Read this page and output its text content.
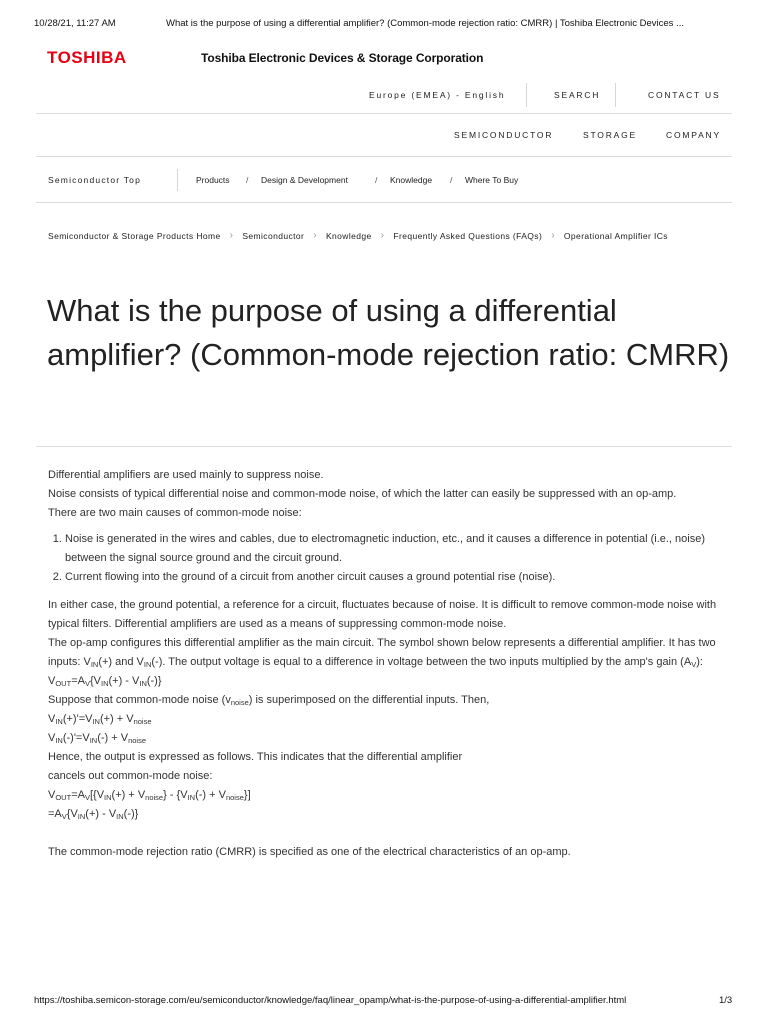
10/28/21, 11:27 AM	What is the purpose of using a differential amplifier? (Common-mode rejection ratio: CMRR) | Toshiba Electronic Devices ...
TOSHIBA	Toshiba Electronic Devices & Storage Corporation
Europe (EMEA) - English	SEARCH	CONTACT US
SEMICONDUCTOR	STORAGE	COMPANY
Semiconductor Top	Products / Design & Development	/ Knowledge / Where To Buy
Semiconductor & Storage Products Home › Semiconductor › Knowledge › Frequently Asked Questions (FAQs) › Operational Amplifier ICs
What is the purpose of using a differential amplifier? (Common-mode rejection ratio: CMRR)

Differential amplifiers are used mainly to suppress noise.

Noise consists of typical differential noise and common-mode noise, of which the latter can easily be suppressed with an op-amp.

There are two main causes of common-mode noise:

1. Noise is generated in the wires and cables, due to electromagnetic induction, etc., and it causes a difference in potential (i.e., noise) between the signal source ground and the circuit ground.
2. Current flowing into the ground of a circuit from another circuit causes a ground potential rise (noise).

In either case, the ground potential, a reference for a circuit, fluctuates because of noise. It is difficult to remove common-mode noise with typical filters. Differential amplifiers are used as a means of suppressing common-mode noise.

The op-amp configures this differential amplifier as the main circuit. The symbol shown below represents a differential amplifier. It has two inputs: $V_{IN}(+)$ and $V_{IN}(-)$. The output voltage is equal to a difference in voltage between the two inputs multiplied by the amp's gain $(A_V)$:

$V_{OUT}=A_V\{V_{IN}(+) - V_{IN}(-)\}$

Suppose that common-mode noise $(v_{noise})$ is superimposed on the differential inputs. Then,

$V_{IN}(+)'=V_{IN}(+) + V_{noise}$

$V_{IN}(-)'=V_{IN}(-) + V_{noise}$

Hence, the output is expressed as follows. This indicates that the differential amplifier

cancels out common-mode noise:

$V_{OUT}=A_V[\{V_{IN}(+) + V_{noise}\} - \{V_{IN}(-) + V_{noise}\}]$

$=A_V\{V_{IN}(+) - V_{IN}(-)\}$

The common-mode rejection ratio (CMRR) is specified as one of the electrical characteristics of an op-amp.

https://toshiba.semicon-storage.com/eu/semiconductor/knowledge/faq/linear_opamp/what-is-the-purpose-of-using-a-differential-amplifier.html	1/3
